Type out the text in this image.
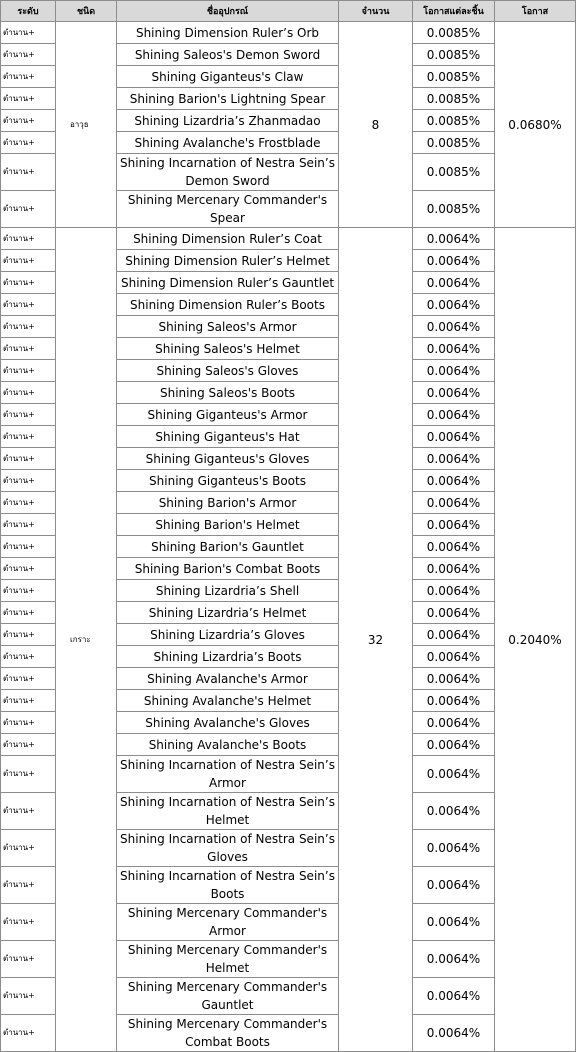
ระดับ	ชนิด	ชื่ออุปกรณ์	จำนวน	โอกาสแต่ละชิ้น	โอกาส
ตำนาน+	อาวุธ	Shining Dimension Ruler’s Orb	8	0.0085%	0.0680%
ตำนาน+		Shining Saleos's Demon Sword		0.0085%	
ตำนาน+		Shining Giganteus's Claw		0.0085%	
ตำนาน+		Shining Barion's Lightning Spear		0.0085%	
ตำนาน+		Shining Lizardria’s Zhanmadao		0.0085%	
ตำนาน+		Shining Avalanche's Frostblade		0.0085%	
ตำนาน+		Shining Incarnation of Nestra Sein’s Demon Sword		0.0085%	
ตำนาน+		Shining Mercenary Commander's Spear		0.0085%	
ตำนาน+	เกราะ	Shining Dimension Ruler’s Coat	32	0.0064%	0.2040%
ตำนาน+		Shining Dimension Ruler’s Helmet		0.0064%	
ตำนาน+		Shining Dimension Ruler’s Gauntlet		0.0064%	
ตำนาน+		Shining Dimension Ruler’s Boots		0.0064%	
ตำนาน+		Shining Saleos's Armor		0.0064%	
ตำนาน+		Shining Saleos's Helmet		0.0064%	
ตำนาน+		Shining Saleos's Gloves		0.0064%	
ตำนาน+		Shining Saleos's Boots		0.0064%	
ตำนาน+		Shining Giganteus's Armor		0.0064%	
ตำนาน+		Shining Giganteus's Hat		0.0064%	
ตำนาน+		Shining Giganteus's Gloves		0.0064%	
ตำนาน+		Shining Giganteus's Boots		0.0064%	
ตำนาน+		Shining Barion's Armor		0.0064%	
ตำนาน+		Shining Barion's Helmet		0.0064%	
ตำนาน+		Shining Barion's Gauntlet		0.0064%	
ตำนาน+		Shining Barion's Combat Boots		0.0064%	
ตำนาน+		Shining Lizardria’s Shell		0.0064%	
ตำนาน+		Shining Lizardria’s Helmet		0.0064%	
ตำนาน+		Shining Lizardria’s Gloves		0.0064%	
ตำนาน+		Shining Lizardria’s Boots		0.0064%	
ตำนาน+		Shining Avalanche's Armor		0.0064%	
ตำนาน+		Shining Avalanche's Helmet		0.0064%	
ตำนาน+		Shining Avalanche's Gloves		0.0064%	
ตำนาน+		Shining Avalanche's Boots		0.0064%	
ตำนาน+		Shining Incarnation of Nestra Sein’s Armor		0.0064%	
ตำนาน+		Shining Incarnation of Nestra Sein’s Helmet		0.0064%	
ตำนาน+		Shining Incarnation of Nestra Sein’s Gloves		0.0064%	
ตำนาน+		Shining Incarnation of Nestra Sein’s Boots		0.0064%	
ตำนาน+		Shining Mercenary Commander's Armor		0.0064%	
ตำนาน+		Shining Mercenary Commander's Helmet		0.0064%	
ตำนาน+		Shining Mercenary Commander's Gauntlet		0.0064%	
ตำนาน+		Shining Mercenary Commander's Combat Boots		0.0064%	
